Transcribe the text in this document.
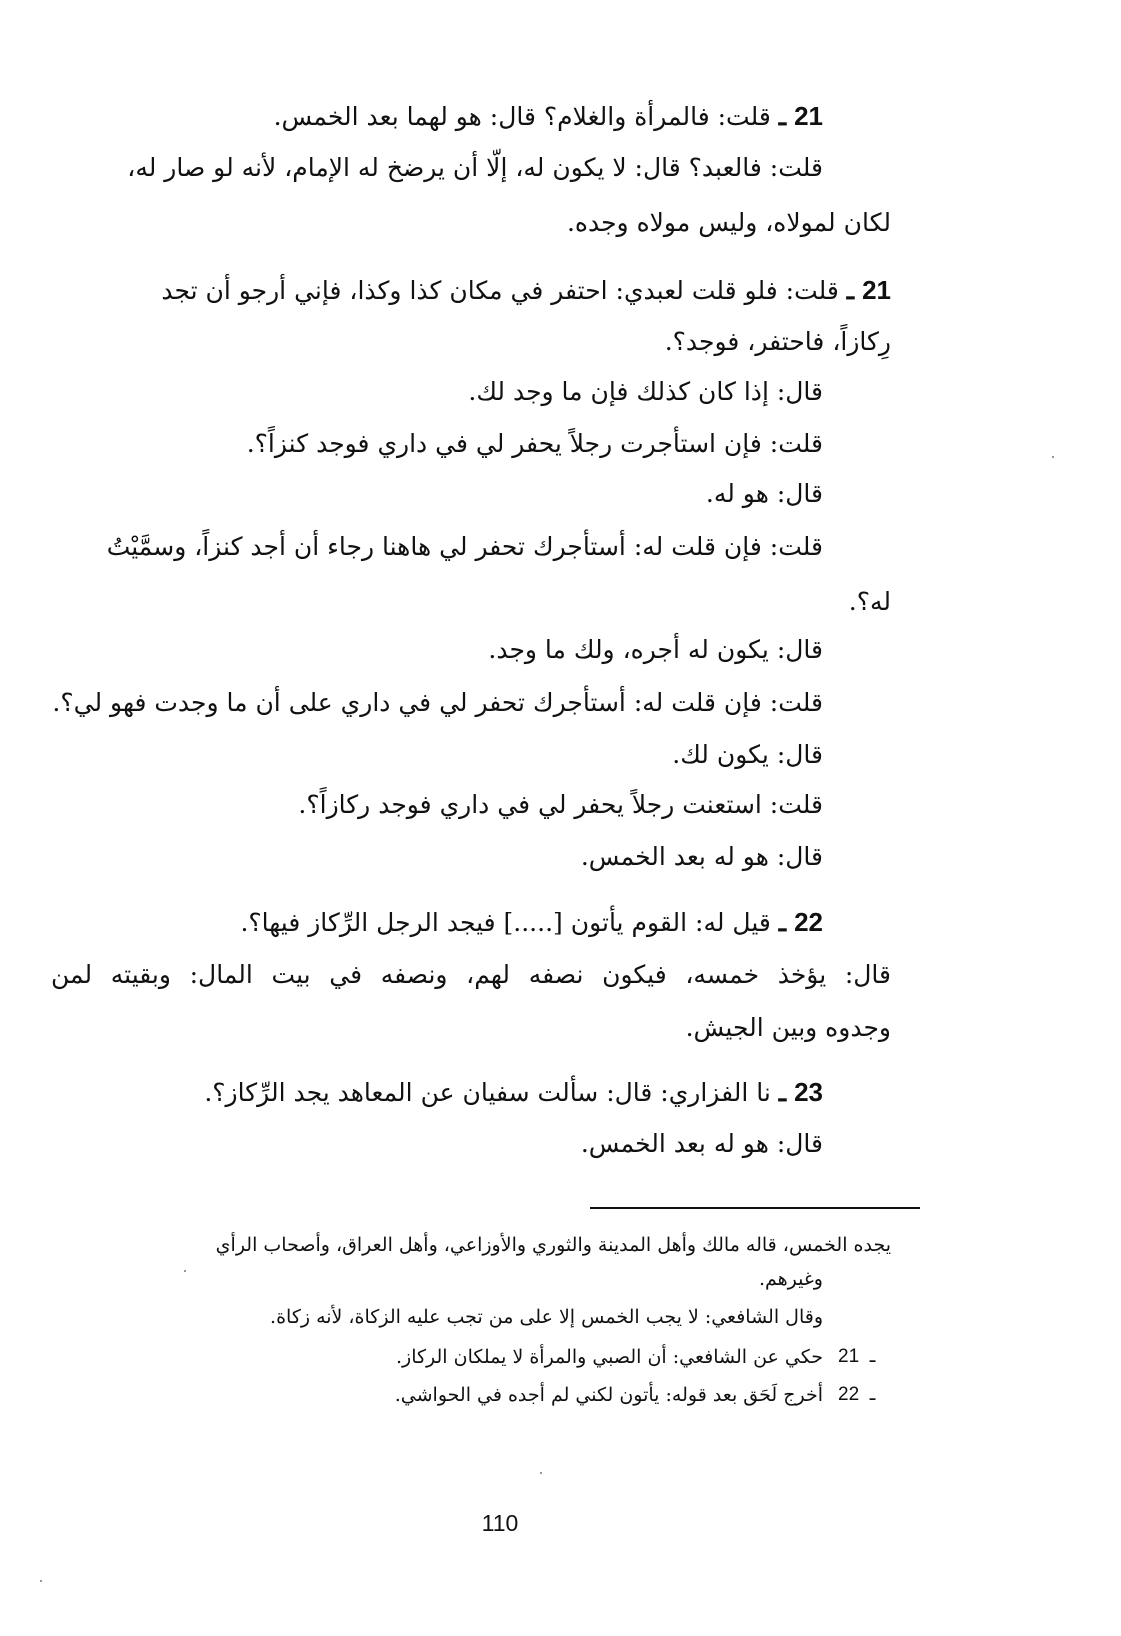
21 ـ قلت: فالمرأة والغلام؟ قال: هو لهما بعد الخمس.
قلت: فالعبد؟ قال: لا يكون له، إلّا أن يرضخ له الإمام، لأنه لو صار له،
لكان لمولاه، وليس مولاه وجده.
21 ـ قلت: فلو قلت لعبدي: احتفر في مكان كذا وكذا، فإني أرجو أن تجد
رِكازاً، فاحتفر، فوجد؟.
قال: إذا كان كذلك فإن ما وجد لك.
قلت: فإن استأجرت رجلاً يحفر لي في داري فوجد كنزاً؟.
قال: هو له.
قلت: فإن قلت له: أستأجرك تحفر لي هاهنا رجاء أن أجد كنزاً، وسمَّيْتُ
له؟.
قال: يكون له أجره، ولك ما وجد.
قلت: فإن قلت له: أستأجرك تحفر لي في داري على أن ما وجدت فهو لي؟.
قال: يكون لك.
قلت: استعنت رجلاً يحفر لي في داري فوجد ركازاً؟.
قال: هو له بعد الخمس.
22 ـ قيل له: القوم يأتون [.....] فيجد الرجل الرِّكاز فيها؟.
قال: يؤخذ خمسه، فيكون نصفه لهم، ونصفه في بيت المال: وبقيته لمن
وجدوه وبين الجيش.
23 ـ نا الفزاري: قال: سألت سفيان عن المعاهد يجد الرِّكاز؟.
قال: هو له بعد الخمس.
يجده الخمس، قاله مالك وأهل المدينة والثوري والأوزاعي، وأهل العراق، وأصحاب الرأي
وغيرهم.
وقال الشافعي: لا يجب الخمس إلا على من تجب عليه الزكاة، لأنه زكاة.
حكي عن الشافعي: أن الصبي والمرأة لا يملكان الركاز. 21 ـ
أخرج لَحَق بعد قوله: يأتون لكني لم أجده في الحواشي. 22 ـ
110
